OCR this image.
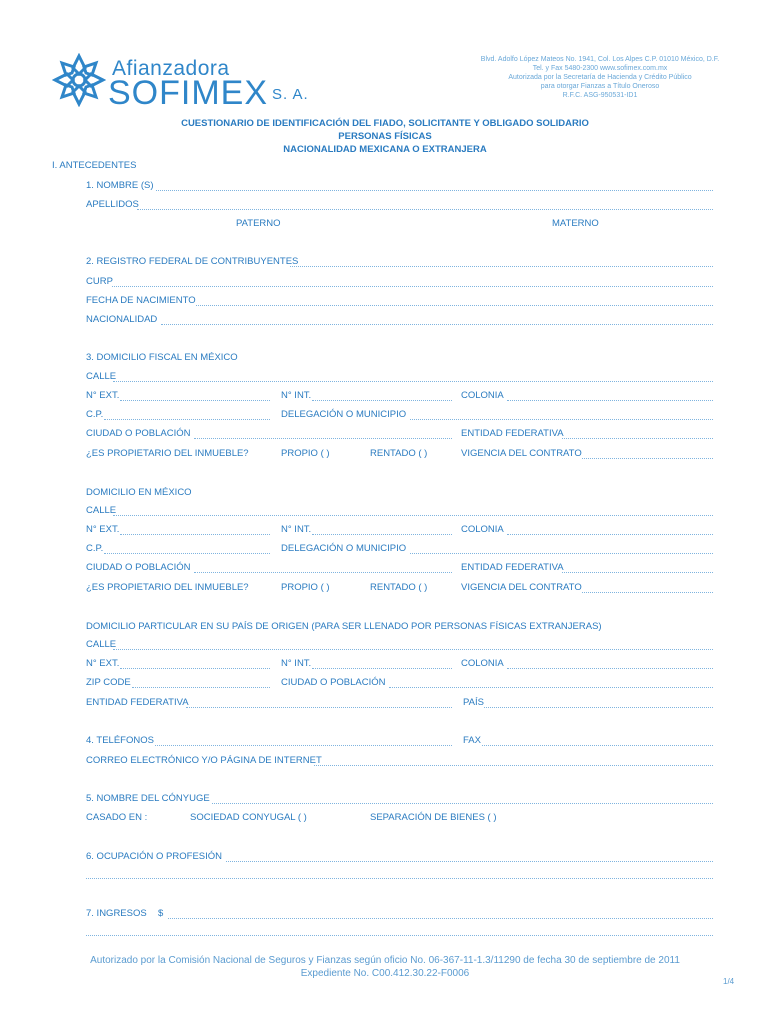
Afianzadora
SOFIMEX S. A.
Blvd. Adolfo López Mateos No. 1941, Col. Los Alpes C.P. 01010 México, D.F.
Tel. y Fax 5480-2300 www.sofimex.com.mx
Autorizada por la Secretaría de Hacienda y Crédito Público
para otorgar Fianzas a Título Oneroso
R.F.C. ASG-950531-ID1
CUESTIONARIO DE IDENTIFICACIÓN DEL FIADO, SOLICITANTE Y OBLIGADO SOLIDARIO
PERSONAS FÍSICAS
NACIONALIDAD MEXICANA O EXTRANJERA
I. ANTECEDENTES
1. NOMBRE (S)
APELLIDOS
PATERNO	MATERNO
2. REGISTRO FEDERAL DE CONTRIBUYENTES
CURP
FECHA DE NACIMIENTO
NACIONALIDAD
3. DOMICILIO FISCAL EN MÉXICO
CALLE
N° EXT.	N° INT.	COLONIA
C.P.	DELEGACIÓN O MUNICIPIO
CIUDAD O POBLACIÓN	ENTIDAD FEDERATIVA
¿ES PROPIETARIO DEL INMUEBLE?	PROPIO ( )	RENTADO ( )	VIGENCIA DEL CONTRATO
DOMICILIO EN MÉXICO
CALLE
N° EXT.	N° INT.	COLONIA
C.P.	DELEGACIÓN O MUNICIPIO
CIUDAD O POBLACIÓN	ENTIDAD FEDERATIVA
¿ES PROPIETARIO DEL INMUEBLE?	PROPIO ( )	RENTADO ( )	VIGENCIA DEL CONTRATO
DOMICILIO PARTICULAR EN SU PAÍS DE ORIGEN (PARA SER LLENADO POR PERSONAS FÍSICAS EXTRANJERAS)
CALLE
N° EXT.	N° INT.	COLONIA
ZIP CODE	CIUDAD O POBLACIÓN
ENTIDAD FEDERATIVA	PAÍS
4. TELÉFONOS	FAX
CORREO ELECTRÓNICO Y/O PÁGINA DE INTERNET
5. NOMBRE DEL CÓNYUGE
CASADO EN :	SOCIEDAD CONYUGAL ( )	SEPARACIÓN DE BIENES ( )
6. OCUPACIÓN O PROFESIÓN
7. INGRESOS $
Autorizado por la Comisión Nacional de Seguros y Fianzas según oficio No. 06-367-11-1.3/11290 de fecha 30 de septiembre de 2011
Expediente No. C00.412.30.22-F0006
1/4
